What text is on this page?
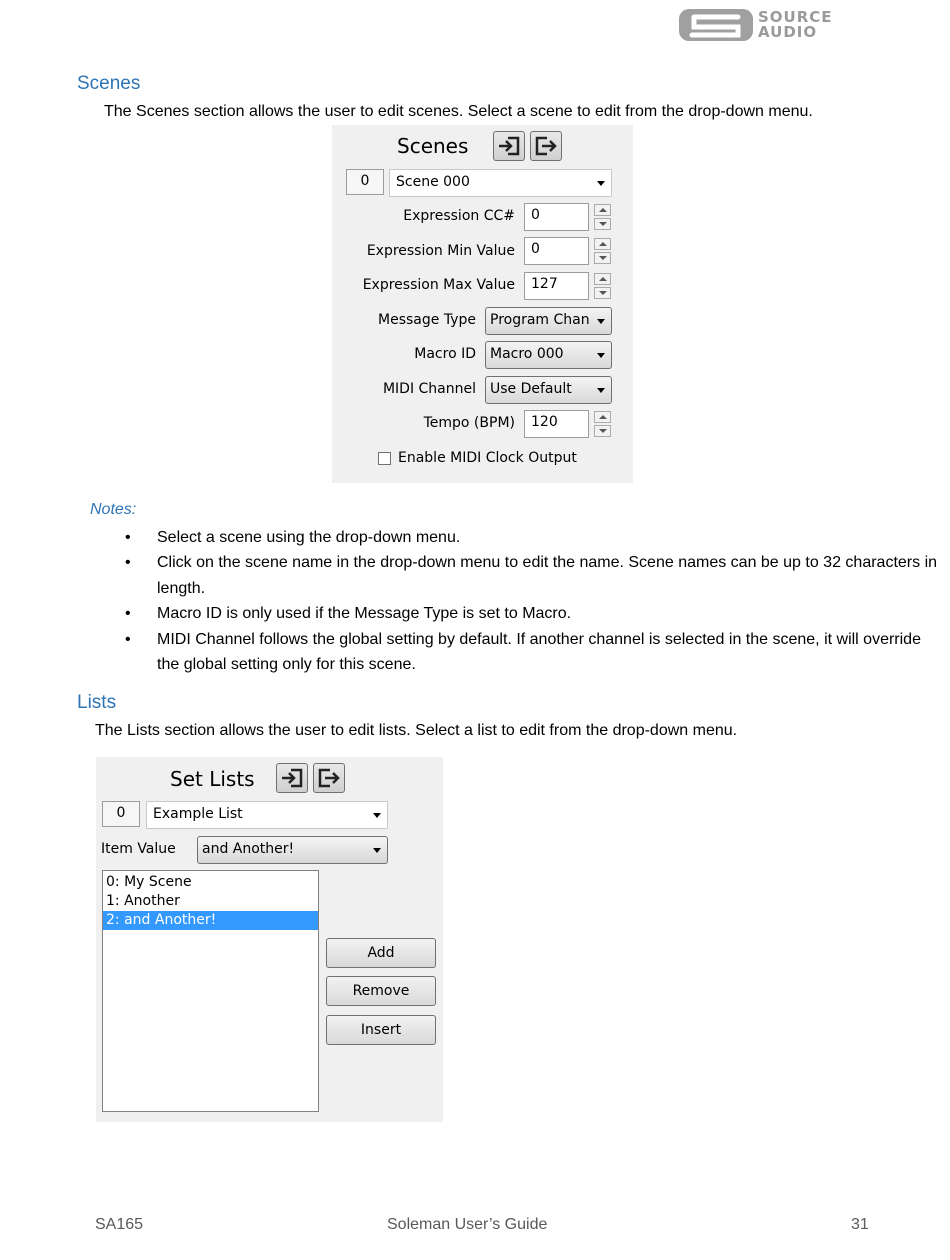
SOURCE
AUDIO
Scenes
The Scenes section allows the user to edit scenes. Select a scene to edit from the drop-down menu.
Scenes
0	Scene 000
Expression CC#	0
Expression Min Value	0
Expression Max Value	127
Message Type	Program Chan
Macro ID	Macro 000
MIDI Channel	Use Default
Tempo (BPM)	120
Enable MIDI Clock Output
Notes:
• Select a scene using the drop-down menu.
• Click on the scene name in the drop-down menu to edit the name. Scene names can be up to 32 characters in length.
• Macro ID is only used if the Message Type is set to Macro.
• MIDI Channel follows the global setting by default. If another channel is selected in the scene, it will override the global setting only for this scene.
Lists
The Lists section allows the user to edit lists. Select a list to edit from the drop-down menu.
Set Lists
0	Example List
Item Value	and Another!
0: My Scene
1: Another
2: and Another!
Add
Remove
Insert
SA165	Soleman User’s Guide	31
